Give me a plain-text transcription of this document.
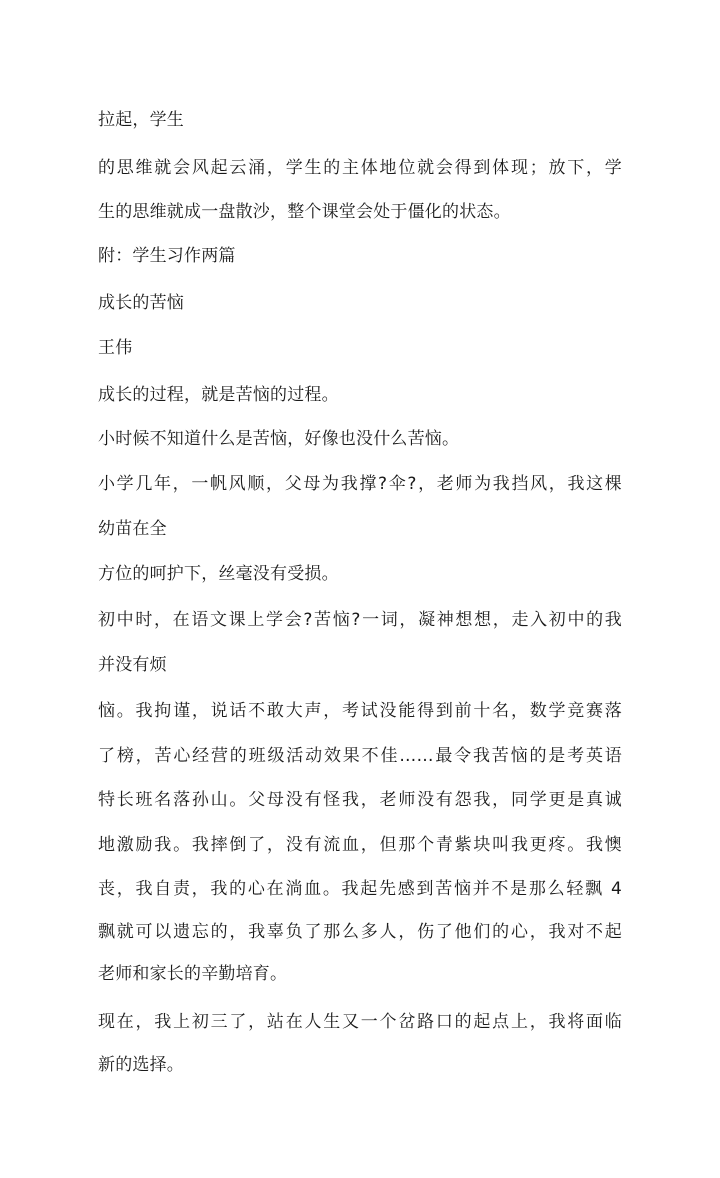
拉起，学生
的思维就会风起云涌，学生的主体地位就会得到体现；放下，学
生的思维就成一盘散沙，整个课堂会处于僵化的状态。
附：学生习作两篇
成长的苦恼
王伟
成长的过程，就是苦恼的过程。
小时候不知道什么是苦恼，好像也没什么苦恼。
小学几年，一帆风顺，父母为我撑?伞?，老师为我挡风，我这棵
幼苗在全
方位的呵护下，丝毫没有受损。
初中时，在语文课上学会?苦恼?一词，凝神想想，走入初中的我
并没有烦
恼。我拘谨，说话不敢大声，考试没能得到前十名，数学竞赛落
了榜，苦心经营的班级活动效果不佳……最令我苦恼的是考英语
特长班名落孙山。父母没有怪我，老师没有怨我，同学更是真诚
地激励我。我摔倒了，没有流血，但那个青紫块叫我更疼。我懊
丧，我自责，我的心在淌血。我起先感到苦恼并不是那么轻飘 4
飘就可以遗忘的，我辜负了那么多人，伤了他们的心，我对不起
老师和家长的辛勤培育。
现在，我上初三了，站在人生又一个岔路口的起点上，我将面临
新的选择。
